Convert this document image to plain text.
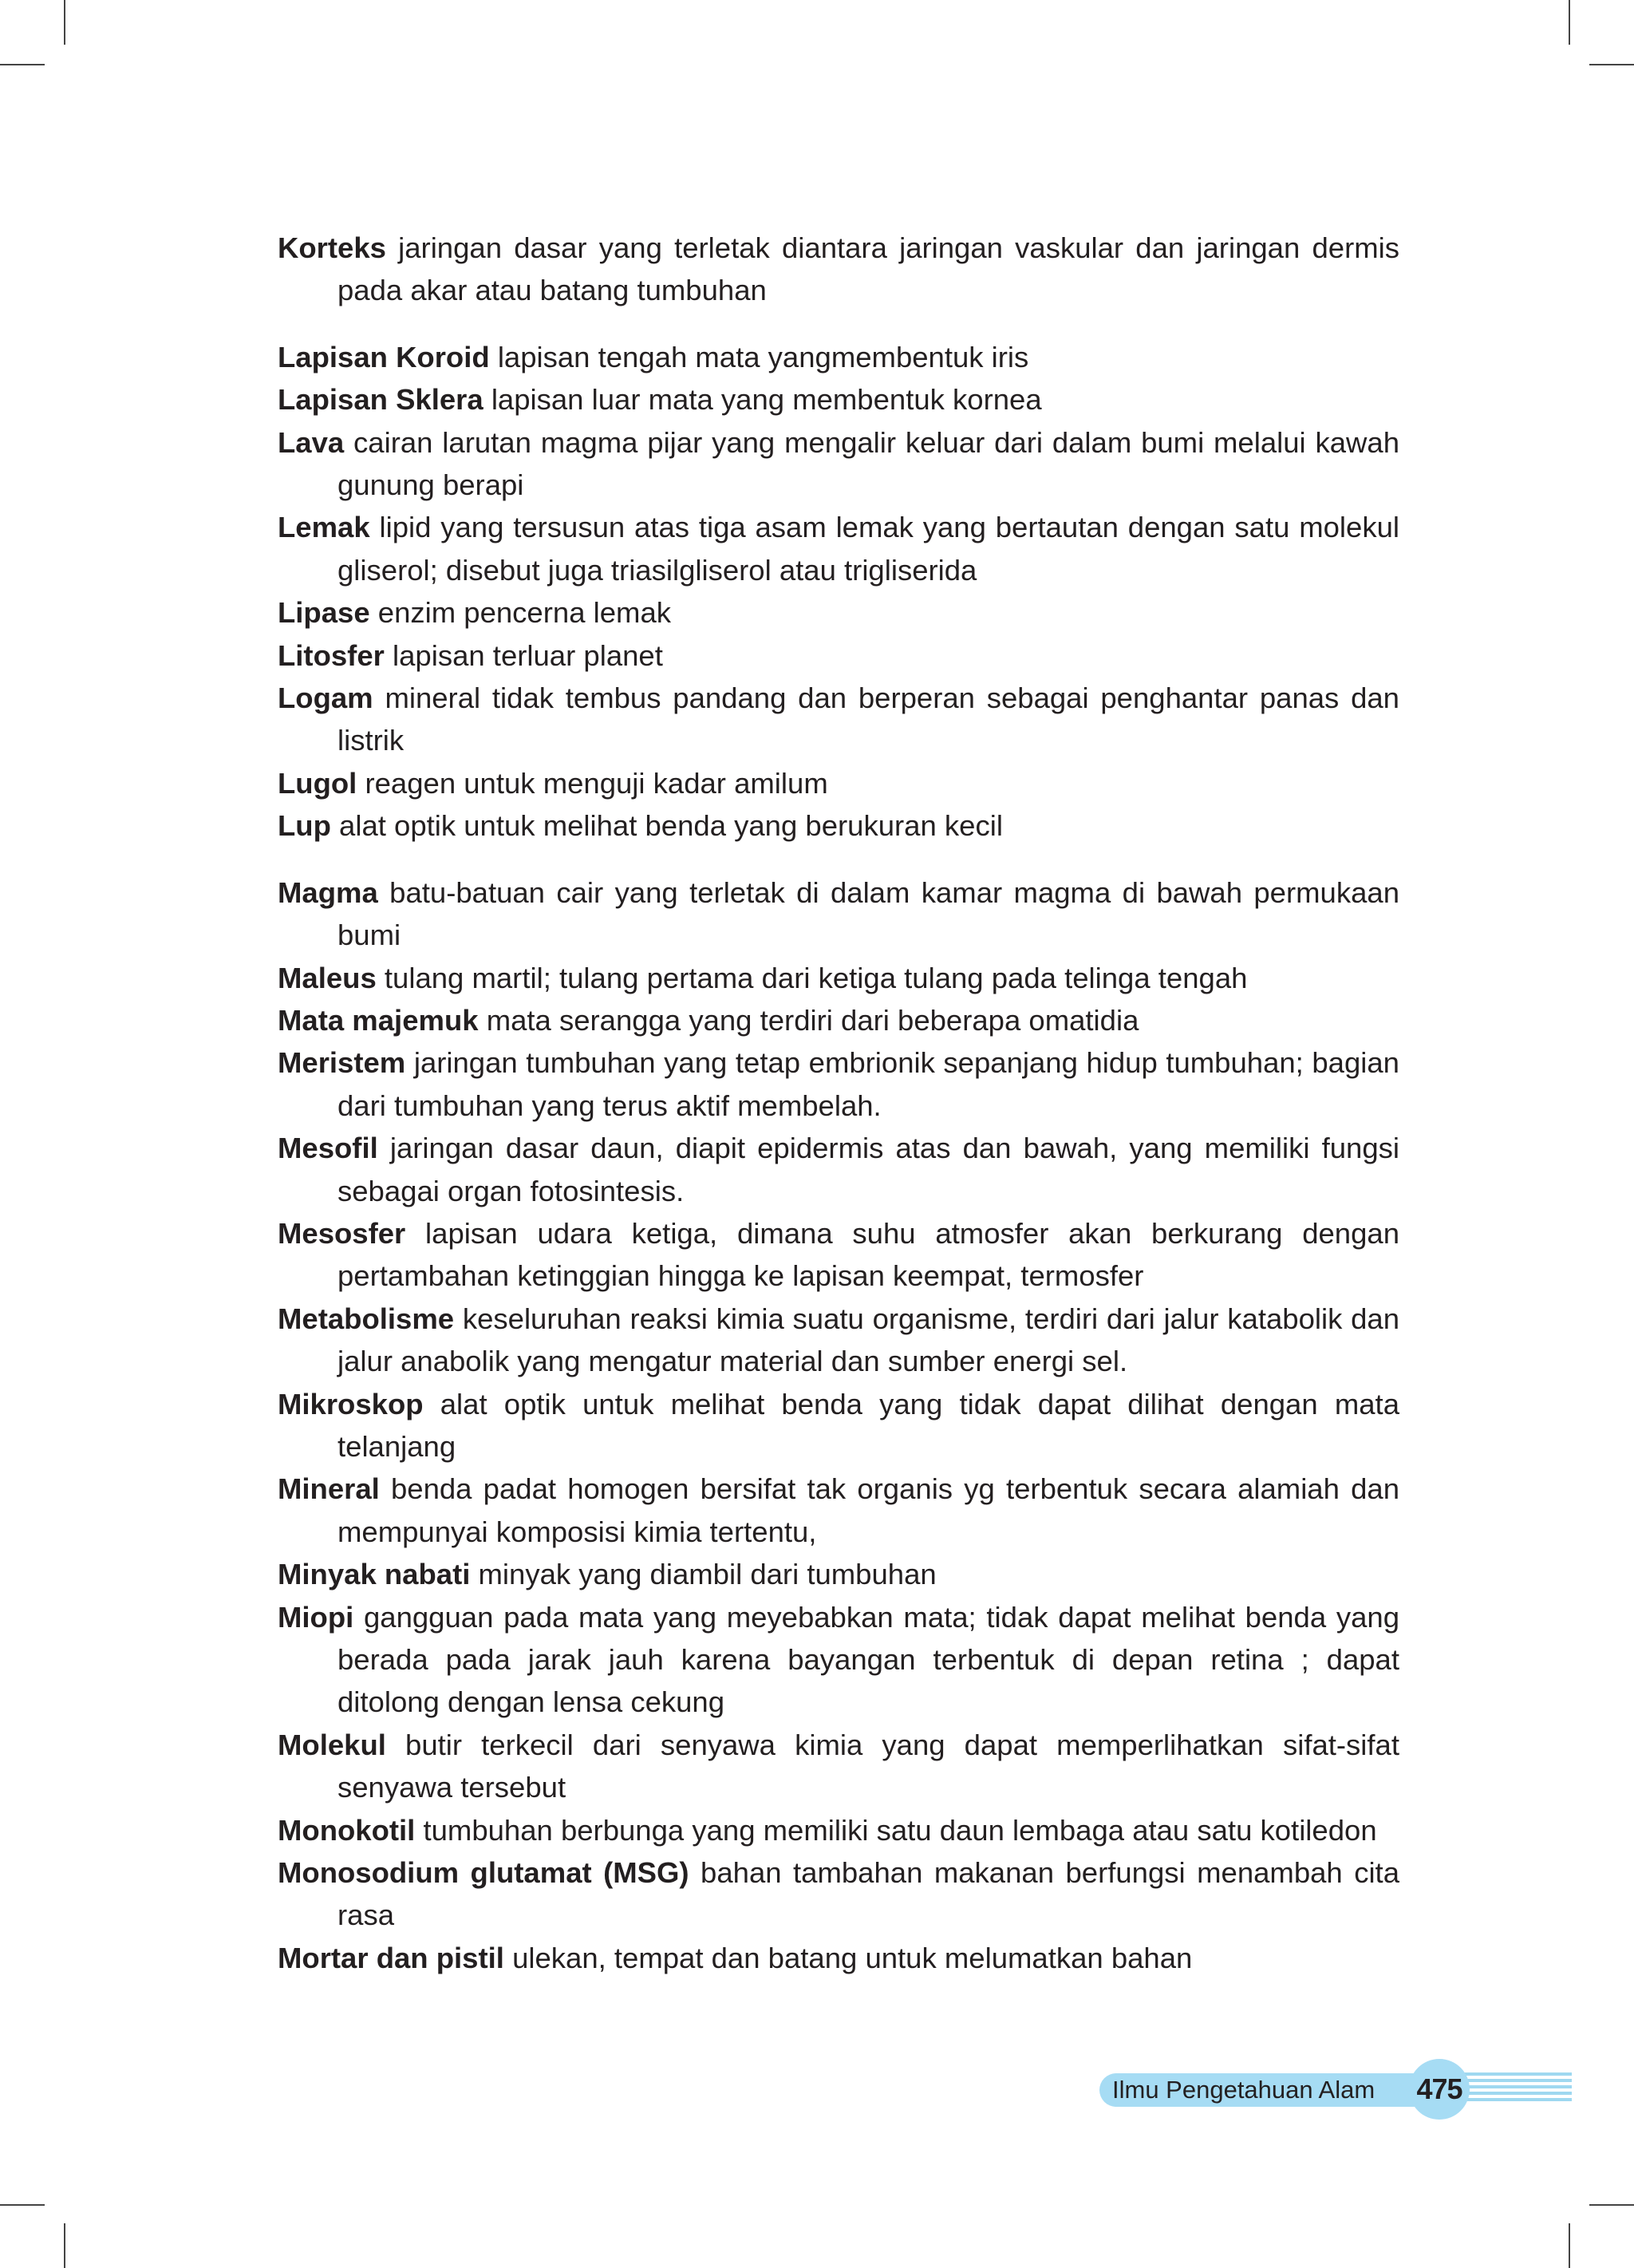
Korteks jaringan dasar yang terletak diantara jaringan vaskular dan jaringan dermis pada akar atau batang tumbuhan

Lapisan Koroid lapisan tengah mata yangmembentuk iris

Lapisan Sklera lapisan luar mata yang membentuk kornea

Lava cairan larutan magma pijar yang mengalir keluar dari dalam bumi melalui kawah gunung berapi

Lemak lipid yang tersusun atas tiga asam lemak yang bertautan dengan satu molekul gliserol; disebut juga triasilgliserol atau trigliserida

Lipase enzim pencerna lemak

Litosfer lapisan terluar planet

Logam mineral tidak tembus pandang dan berperan sebagai penghantar panas dan listrik

Lugol reagen untuk menguji kadar amilum

Lup alat optik untuk melihat benda yang berukuran kecil

Magma batu-batuan cair yang terletak di dalam kamar magma di bawah permukaan bumi

Maleus tulang martil; tulang pertama dari ketiga tulang pada telinga tengah

Mata majemuk mata serangga yang terdiri dari beberapa omatidia

Meristem jaringan tumbuhan yang tetap embrionik sepanjang hidup tumbuhan; bagian dari tumbuhan yang terus aktif membelah.

Mesofil jaringan dasar daun, diapit epidermis atas dan bawah, yang memiliki fungsi sebagai organ fotosintesis.

Mesosfer lapisan udara ketiga, dimana suhu atmosfer akan berkurang dengan pertambahan ketinggian hingga ke lapisan keempat, termosfer

Metabolisme keseluruhan reaksi kimia suatu organisme, terdiri dari jalur katabolik dan jalur anabolik yang mengatur material dan sumber energi sel.

Mikroskop alat optik untuk melihat benda yang tidak dapat dilihat dengan mata telanjang

Mineral benda padat homogen bersifat tak organis yg terbentuk secara alamiah dan mempunyai komposisi kimia tertentu,

Minyak nabati minyak yang diambil dari tumbuhan

Miopi gangguan pada mata yang meyebabkan mata; tidak dapat melihat benda yang berada pada jarak jauh karena bayangan terbentuk di depan retina ; dapat ditolong dengan lensa cekung

Molekul butir terkecil dari senyawa kimia yang dapat memperlihatkan sifat-sifat senyawa tersebut

Monokotil tumbuhan berbunga yang memiliki satu daun lembaga atau satu kotiledon

Monosodium glutamat (MSG) bahan tambahan makanan berfungsi menambah cita rasa

Mortar dan pistil ulekan, tempat dan batang untuk melumatkan bahan

Ilmu Pengetahuan Alam 475
